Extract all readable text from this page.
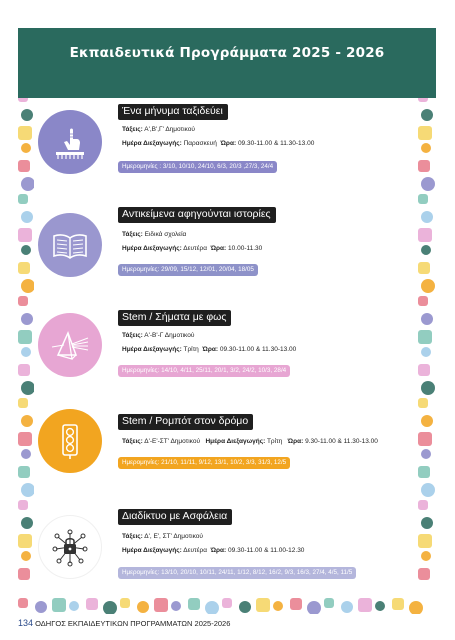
Εκπαιδευτικά Προγράμματα 2025 - 2026
Ένα μήνυμα ταξιδεύει
Τάξεις: Α',Β',Γ' Δημοτικού
Ημέρα Διεξαγωγής: Παρασκευή Ώρα: 09.30-11.00 & 11.30-13.00
Ημερομηνίες : 3/10, 10/10, 24/10, 6/3, 20/3 ,27/3, 24/4
Αντικείμενα αφηγούνται ιστορίες
Τάξεις: Ειδικά σχολεία
Ημέρα Διεξαγωγής: Δευτέρα Ώρα: 10.00-11.30
Ημερομηνίες: 29/09, 15/12, 12/01, 20/04, 18/05
Stem / Σήματα με φως
Τάξεις: Α'-Β'-Γ Δημοτικού
Ημέρα Διεξαγωγής: Τρίτη Ώρα: 09.30-11.00 & 11.30-13.00
Ημερομηνίες: 14/10, 4/11, 25/11, 20/1, 3/2, 24/2, 10/3, 28/4
Stem / Ρομπότ στον δρόμο
Τάξεις: Δ'-Ε'-ΣΤ' Δημοτικού Ημέρα Διεξαγωγής: Τρίτη Ώρα: 9.30-11.00 & 11.30-13.00
Ημερομηνίες: 21/10, 11/11, 9/12, 13/1, 10/2, 3/3, 31/3, 12/5
Διαδίκτυο με Ασφάλεια
Τάξεις: Δ', Ε', ΣΤ' Δημοτικού
Ημέρα Διεξαγωγής: Δευτέρα Ώρα: 09.30-11.00 & 11.00-12.30
Ημερομηνίες: 13/10, 20/10, 10/11, 24/11, 1/12, 8/12, 16/2, 9/3, 16/3, 27/4, 4/5, 11/5
134 ΟΔΗΓΟΣ ΕΚΠΑΙΔΕΥΤΙΚΩΝ ΠΡΟΓΡΑΜΜΑΤΩΝ 2025-2026
